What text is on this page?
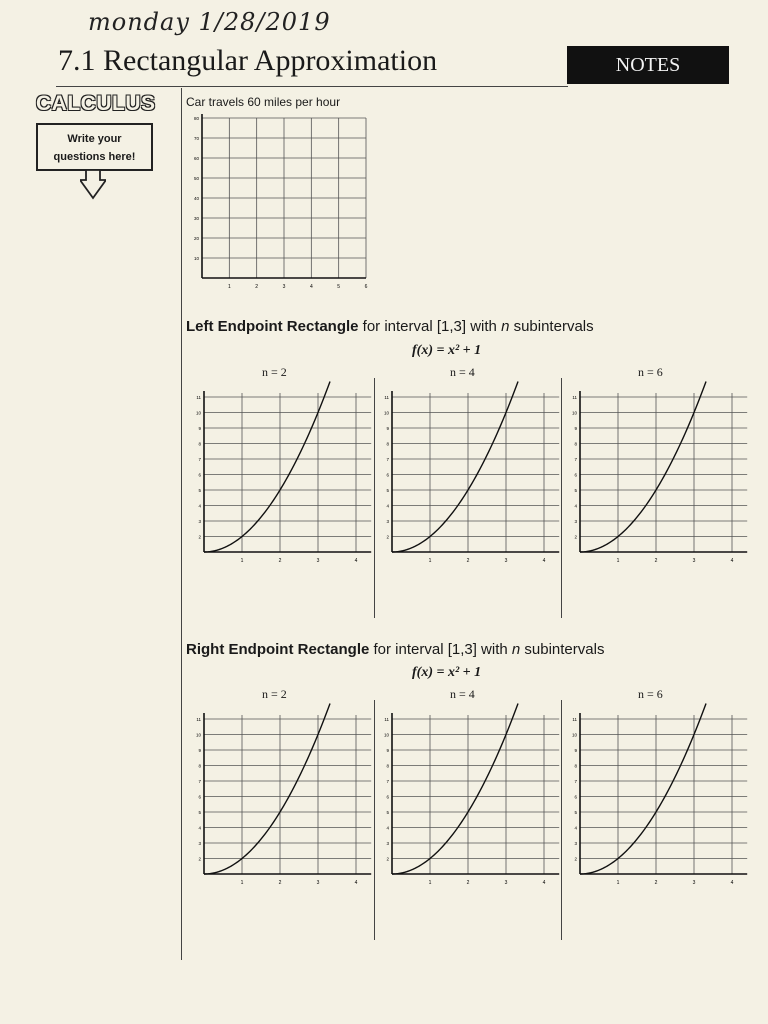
monday 1/28/2019
7.1 Rectangular Approximation	NOTES
CALCULUS
Write your
questions here!
Car travels 60 miles per hour
1	2	3	4	5	6
80
70
60
50
40
30
20
10
Left Endpoint Rectangle for interval [1,3] with n subintervals
f(x) = x² + 1
n = 2	n = 4	n = 6
1	2	3	4
11
10
9
8
7
6
5
4
3
2
1	2	3	4
11
10
9
8
7
6
5
4
3
2
1	2	3	4
11
10
9
8
7
6
5
4
3
2
Right Endpoint Rectangle for interval [1,3] with n subintervals
f(x) = x² + 1
n = 2	n = 4	n = 6
1	2	3	4
11
10
9
8
7
6
5
4
3
2
1	2	3	4
11
10
9
8
7
6
5
4
3
2
1	2	3	4
11
10
9
8
7
6
5
4
3
2
